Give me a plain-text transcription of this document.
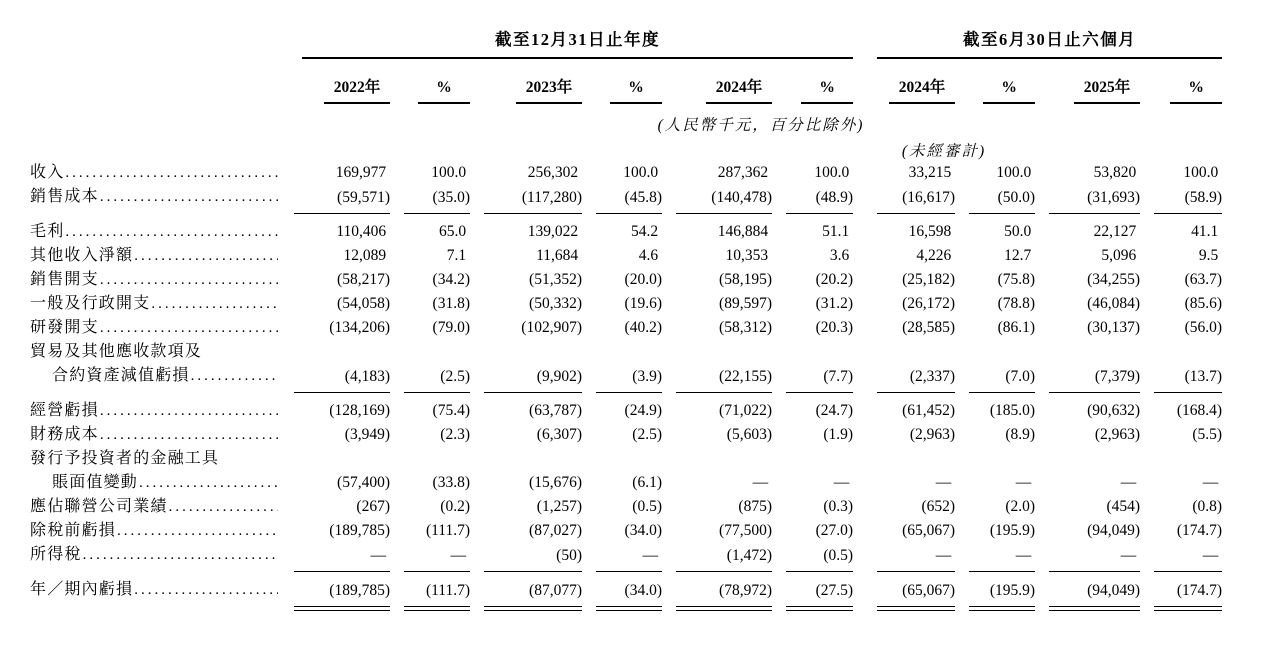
	截至12月31日止年度						截至6月30日止六個月			

	2022年	%	2023年	%	2024年	%	2024年	%	2025年	%
	(人民幣千元，百分比除外)									
							(未經審計)			

收入
.....	169,977 	100.0 	256,302 	100.0 	287,362 	100.0 	33,215 	100.0 	53,820 	100.0 

銷售成本
.....	(59,571)	(35.0)	(117,280)	(45.8)	(140,478)	(48.9)	(16,617)	(50.0)	(31,693)	(58.9)

毛利
.....	110,406 	65.0 	139,022 	54.2 	146,884 	51.1 	16,598 	50.0 	22,127 	41.1 

其他收入淨額
.....	12,089 	7.1 	11,684 	4.6 	10,353 	3.6 	4,226 	12.7 	5,096 	9.5 

銷售開支
.....	(58,217)	(34.2)	(51,352)	(20.0)	(58,195)	(20.2)	(25,182)	(75.8)	(34,255)	(63.7)

一般及行政開支
.....	(54,058)	(31.8)	(50,332)	(19.6)	(89,597)	(31.2)	(26,172)	(78.8)	(46,084)	(85.6)

研發開支
.....	(134,206)	(79.0)	(102,907)	(40.2)	(58,312)	(20.3)	(28,585)	(86.1)	(30,137)	(56.0)

貿易及其他應收款項及
合約資產減值虧損
.....	(4,183)	(2.5)	(9,902)	(3.9)	(22,155)	(7.7)	(2,337)	(7.0)	(7,379)	(13.7)

經營虧損
.....	(128,169)	(75.4)	(63,787)	(24.9)	(71,022)	(24.7)	(61,452)	(185.0)	(90,632)	(168.4)

財務成本
.....	(3,949)	(2.3)	(6,307)	(2.5)	(5,603)	(1.9)	(2,963)	(8.9)	(2,963)	(5.5)

發行予投資者的金融工具
賬面值變動
.....	(57,400)	(33.8)	(15,676)	(6.1)	— 	— 	— 	— 	— 	— 

應佔聯營公司業績
.....	(267)	(0.2)	(1,257)	(0.5)	(875)	(0.3)	(652)	(2.0)	(454)	(0.8)

除稅前虧損
.....	(189,785)	(111.7)	(87,027)	(34.0)	(77,500)	(27.0)	(65,067)	(195.9)	(94,049)	(174.7)

所得稅
.....	— 	— 	(50)	— 	(1,472)	(0.5)	— 	— 	— 	— 

年／期內虧損
.....	(189,785)	(111.7)	(87,077)	(34.0)	(78,972)	(27.5)	(65,067)	(195.9)	(94,049)	(174.7)
